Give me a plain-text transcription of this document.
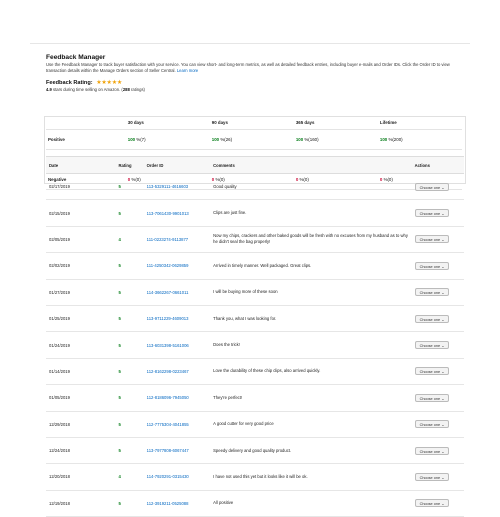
Feedback Manager
Use the Feedback Manager to track buyer satisfaction with your service. You can view short- and long-term metrics, as well as detailed feedback entries, including buyer e-mails and Order IDs. Click the Order ID to view transaction details within the Manage Orders section of Seller Central. Learn more
Feedback Rating: ★★★★★
4.9 stars during time selling on Amazon. (288 ratings)
	30 days	90 days	365 days	Lifetime
Positive	100 %(7)	100 %(26)	100 %(160)	100 %(200)

Negative	0 %(0)	0 %(0)	0 %(0)	0 %(0)
Date	Rating	Order ID	Comments	Actions
02/17/2019	5	113-5329111-4616603	Good quality	Choose one ⌄

02/15/2019	5	113-7061430-9901013	Clips are just fine.	Choose one ⌄

02/05/2019	4	111-0223274-9113877	Now my chips, crackers and other baked goods will be fresh with no excuses from my husband as to why he didn't seal the bag properly!	Choose one ⌄

02/02/2019	5	111-4250342-0629859	Arrived in timely manner. Well packaged. Great clips.	Choose one ⌄

01/27/2019	5	114-3662267-0661011	I will be buying more of these soon	Choose one ⌄

01/25/2019	5	113-9711229-4609013	Thank you, what I was looking for.	Choose one ⌄

01/24/2019	5	113-6031398-5161006	Does the trick!	Choose one ⌄

01/14/2019	5	112-8162298-0223467	Love the durability of these chip clips, also arrived quickly.	Choose one ⌄

01/05/2019	5	112-8186096-7945050	They're perfect!	Choose one ⌄

12/29/2018	5	112-7775304-4041855	A good cutter for very good price	Choose one ⌄

12/24/2018	5	113-7977808-6067447	Speedy delivery and good quality product.	Choose one ⌄

12/20/2018	4	114-7920291-0315430	I have not used this yet but it looks like it will be ok.	Choose one ⌄

12/19/2018	5	112-3919211-0525088	All positive	Choose one ⌄
